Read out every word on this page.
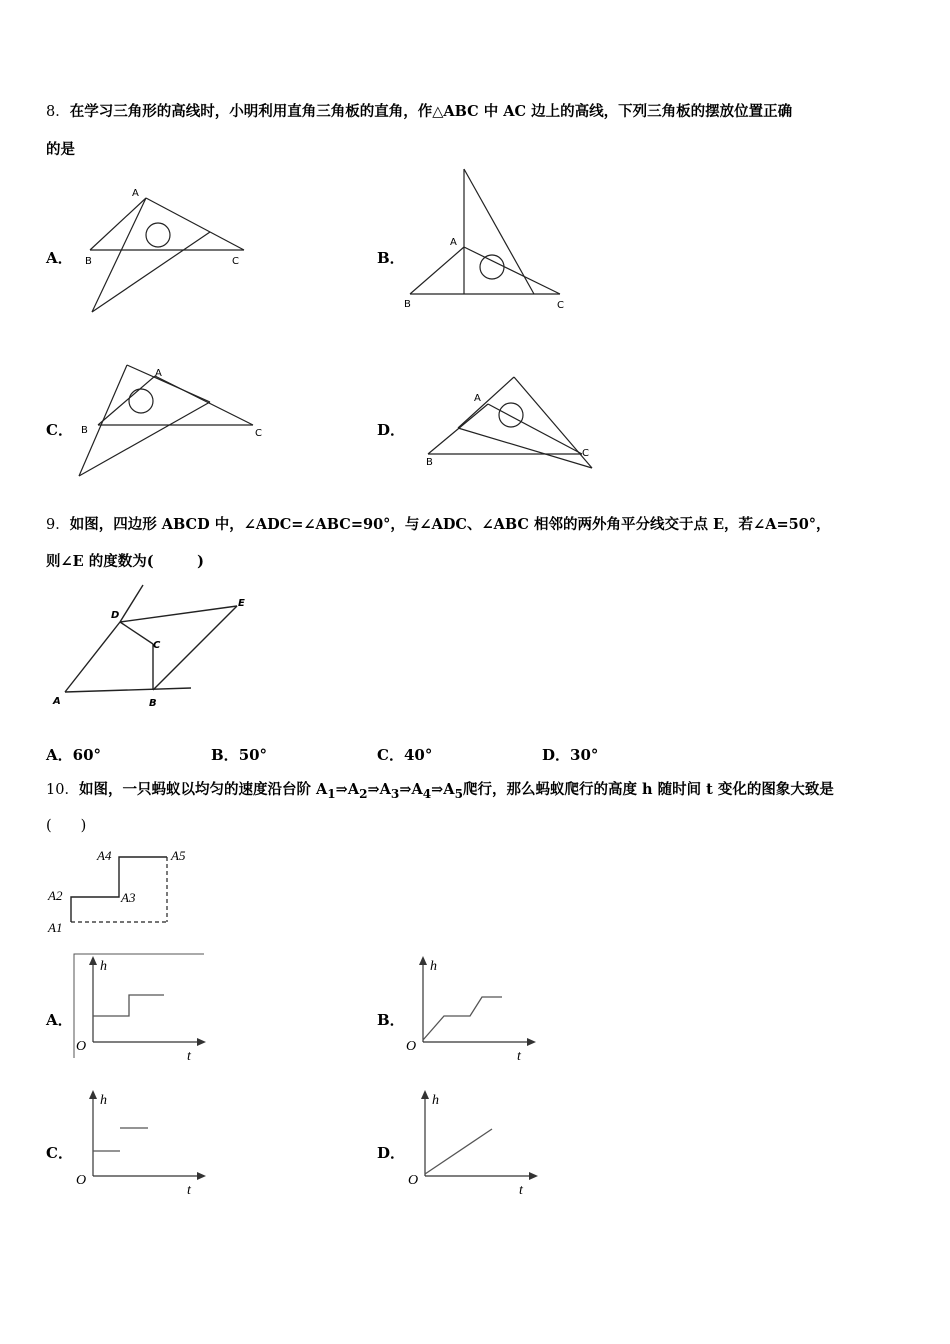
8．在学习三角形的高线时，小明利用直角三角板的直角，作△ABC 中 AC 边上的高线，下列三角板的摆放位置正确
的是
A．
A
B	C	B．
A
B	C
C．
A
B	C	D．
A
B
C
9．如图，四边形 ABCD 中，∠ADC=∠ABC=90°，与∠ADC、∠ABC 相邻的两外角平分线交于点 E，若∠A=50°，
则∠E 的度数为(　　　)
A	B
C
D
E
A．60°	B．50°	C．40°	D．30°
10．如图，一只蚂蚁以均匀的速度沿台阶 $A_1\Rightarrow A_2\Rightarrow A_3\Rightarrow A_4\Rightarrow A_5$爬行，那么蚂蚁爬行的高度 h 随时间 t 变化的图象大致是
(　　)
A1
A2	A3
A4	A5
A．
h
O
t
B．
h
O
t
C．
h
O
t
D．
h
O
t
